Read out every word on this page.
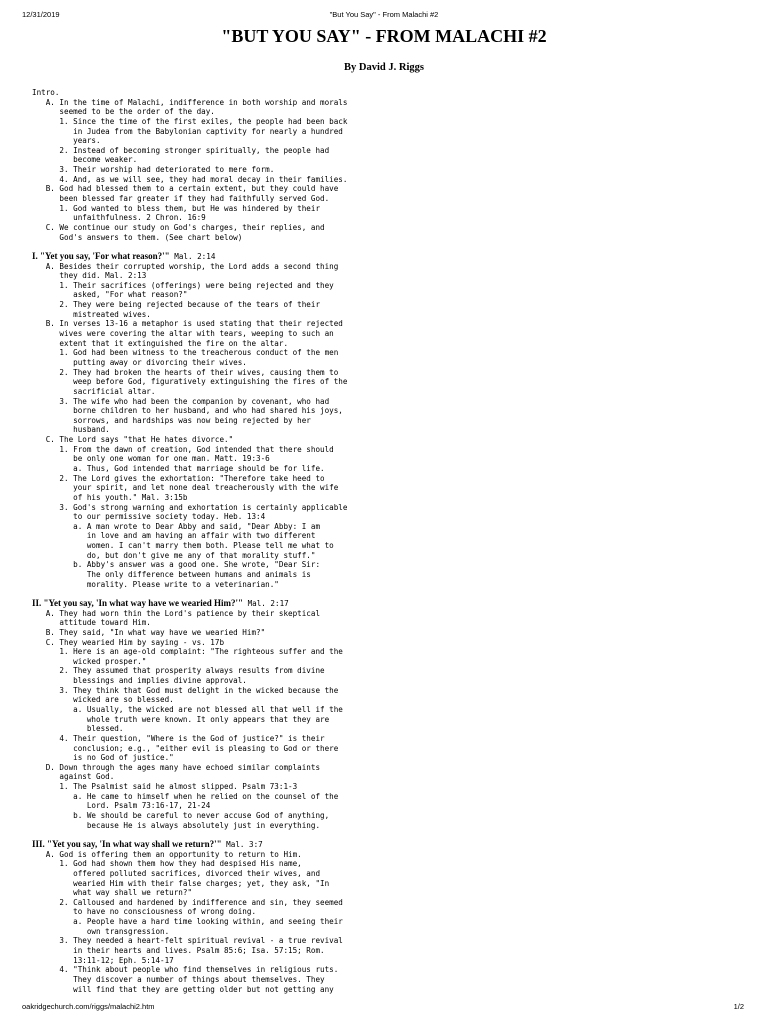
12/31/2019	"But You Say" - From Malachi #2
"BUT YOU SAY" - FROM MALACHI #2
By David J. Riggs
Intro.
A. In the time of Malachi, indifference in both worship and morals
seemed to be the order of the day.
1. Since the time of the first exiles, the people had been back
in Judea from the Babylonian captivity for nearly a hundred
years.
2. Instead of becoming stronger spiritually, the people had
become weaker.
3. Their worship had deteriorated to mere form.
4. And, as we will see, they had moral decay in their families.
B. God had blessed them to a certain extent, but they could have
been blessed far greater if they had faithfully served God.
1. God wanted to bless them, but He was hindered by their
unfaithfulness. 2 Chron. 16:9
C. We continue our study on God's charges, their replies, and
God's answers to them. (See chart below)
I. "Yet you say, 'For what reason?'" Mal. 2:14
A. Besides their corrupted worship, the Lord adds a second thing
they did. Mal. 2:13
1. Their sacrifices (offerings) were being rejected and they
asked, "For what reason?"
2. They were being rejected because of the tears of their
mistreated wives.
B. In verses 13-16 a metaphor is used stating that their rejected
wives were covering the altar with tears, weeping to such an
extent that it extinguished the fire on the altar.
1. God had been witness to the treacherous conduct of the men
putting away or divorcing their wives.
2. They had broken the hearts of their wives, causing them to
weep before God, figuratively extinguishing the fires of the
sacrificial altar.
3. The wife who had been the companion by covenant, who had
borne children to her husband, and who had shared his joys,
sorrows, and hardships was now being rejected by her
husband.
C. The Lord says "that He hates divorce."
1. From the dawn of creation, God intended that there should
be only one woman for one man. Matt. 19:3-6
a. Thus, God intended that marriage should be for life.
2. The Lord gives the exhortation: "Therefore take heed to
your spirit, and let none deal treacherously with the wife
of his youth." Mal. 3:15b
3. God's strong warning and exhortation is certainly applicable
to our permissive society today. Heb. 13:4
a. A man wrote to Dear Abby and said, "Dear Abby: I am
in love and am having an affair with two different
women. I can't marry them both. Please tell me what to
do, but don't give me any of that morality stuff."
b. Abby's answer was a good one. She wrote, "Dear Sir:
The only difference between humans and animals is
morality. Please write to a veterinarian."
II. "Yet you say, 'In what way have we wearied Him?'" Mal. 2:17
A. They had worn thin the Lord's patience by their skeptical
attitude toward Him.
B. They said, "In what way have we wearied Him?"
C. They wearied Him by saying - vs. 17b
1. Here is an age-old complaint: "The righteous suffer and the
wicked prosper."
2. They assumed that prosperity always results from divine
blessings and implies divine approval.
3. They think that God must delight in the wicked because the
wicked are so blessed.
a. Usually, the wicked are not blessed all that well if the
whole truth were known. It only appears that they are
blessed.
4. Their question, "Where is the God of justice?" is their
conclusion; e.g., "either evil is pleasing to God or there
is no God of justice."
D. Down through the ages many have echoed similar complaints
against God.
1. The Psalmist said he almost slipped. Psalm 73:1-3
a. He came to himself when he relied on the counsel of the
Lord. Psalm 73:16-17, 21-24
b. We should be careful to never accuse God of anything,
because He is always absolutely just in everything.
III. "Yet you say, 'In what way shall we return?'" Mal. 3:7
A. God is offering them an opportunity to return to Him.
1. God had shown them how they had despised His name,
offered polluted sacrifices, divorced their wives, and
wearied Him with their false charges; yet, they ask, "In
what way shall we return?"
2. Calloused and hardened by indifference and sin, they seemed
to have no consciousness of wrong doing.
a. People have a hard time looking within, and seeing their
own transgression.
3. They needed a heart-felt spiritual revival - a true revival
in their hearts and lives. Psalm 85:6; Isa. 57:15; Rom.
13:11-12; Eph. 5:14-17
4. "Think about people who find themselves in religious ruts.
They discover a number of things about themselves. They
will find that they are getting older but not getting any
oakridgechurch.com/riggs/malachi2.htm	1/2
